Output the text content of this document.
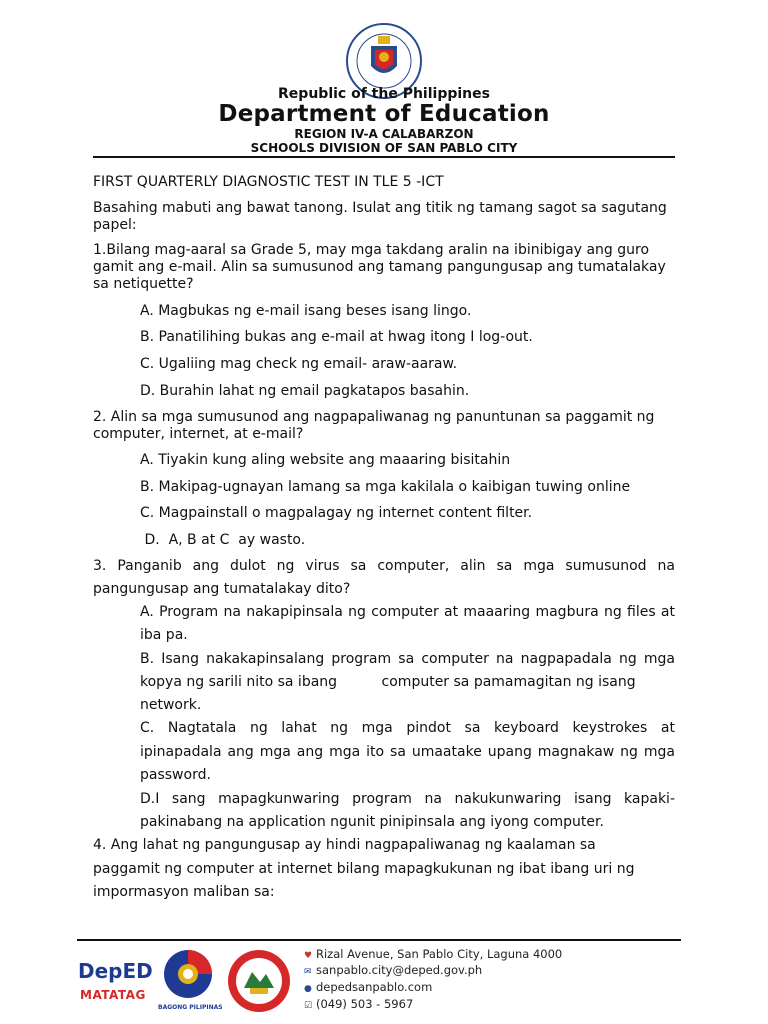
Republic of the Philippines
Department of Education
REGION IV-A CALABARZON
SCHOOLS DIVISION OF SAN PABLO CITY
FIRST QUARTERLY DIAGNOSTIC TEST IN TLE 5 -ICT
Basahing mabuti ang bawat tanong. Isulat ang titik ng tamang sagot sa sagutang papel:
1.Bilang mag-aaral sa Grade 5, may mga takdang aralin na ibinibigay ang guro gamit ang e-mail. Alin sa sumusunod ang tamang pangungusap ang tumatalakay sa netiquette?
A. Magbukas ng e-mail isang beses isang lingo.
B. Panatilihing bukas ang e-mail at hwag itong I log-out.
C. Ugaliing mag check ng email- araw-aaraw.
D. Burahin lahat ng email pagkatapos basahin.
2. Alin sa mga sumusunod ang nagpapaliwanag ng panuntunan sa paggamit ng computer, internet, at e-mail?
A. Tiyakin kung aling website ang maaaring bisitahin
B. Makipag-ugnayan lamang sa mga kakilala o kaibigan tuwing online
C. Magpainstall o magpalagay ng internet content filter.
D.  A, B at C  ay wasto.
3. Panganib ang dulot ng virus sa computer, alin sa mga sumusunod na
pangungusap ang tumatalakay dito?
A. Program na nakapipinsala ng computer at maaaring magbura ng files at
iba pa.
B. Isang nakakapinsalang program sa computer na nagpapadala ng mga
kopya ng sarili nito sa ibang          computer sa pamamagitan ng isang
network.
C. Nagtatala ng lahat ng mga pindot sa keyboard keystrokes at
ipinapadala ang mga ang mga ito sa umaatake upang magnakaw ng mga
password.
D.I sang mapagkunwaring program na nakukunwaring isang kapaki-
pakinabang na application ngunit pinipinsala ang iyong computer.
4. Ang lahat ng pangungusap ay hindi nagpapaliwanag ng kaalaman sa
paggamit ng computer at internet bilang mapagkukunan ng ibat ibang uri ng
impormasyon maliban sa:
DepED
MATATAG
BAGONG PILIPINAS
♥ Rizal Avenue, San Pablo City, Laguna 4000
✉ sanpablo.city@deped.gov.ph
● depedsanpablo.com
☑ (049) 503 - 5967
